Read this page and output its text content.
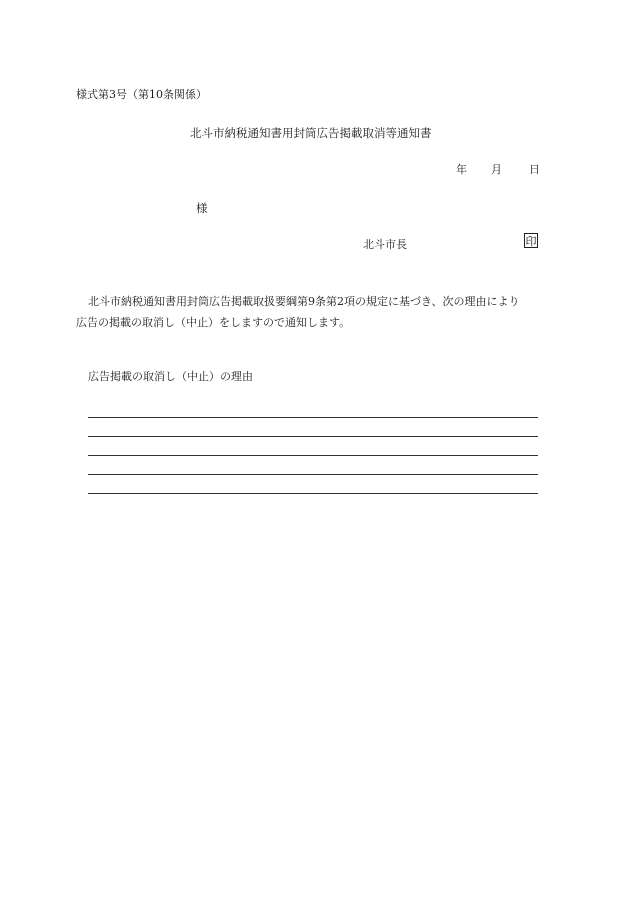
様式第3号（第10条関係）
北斗市納税通知書用封筒広告掲載取消等通知書
年 月 日
様
北斗市長	印
北斗市納税通知書用封筒広告掲載取扱要綱第9条第2項の規定に基づき、次の理由により
広告の掲載の取消し（中止）をしますので通知します。
広告掲載の取消し（中止）の理由
